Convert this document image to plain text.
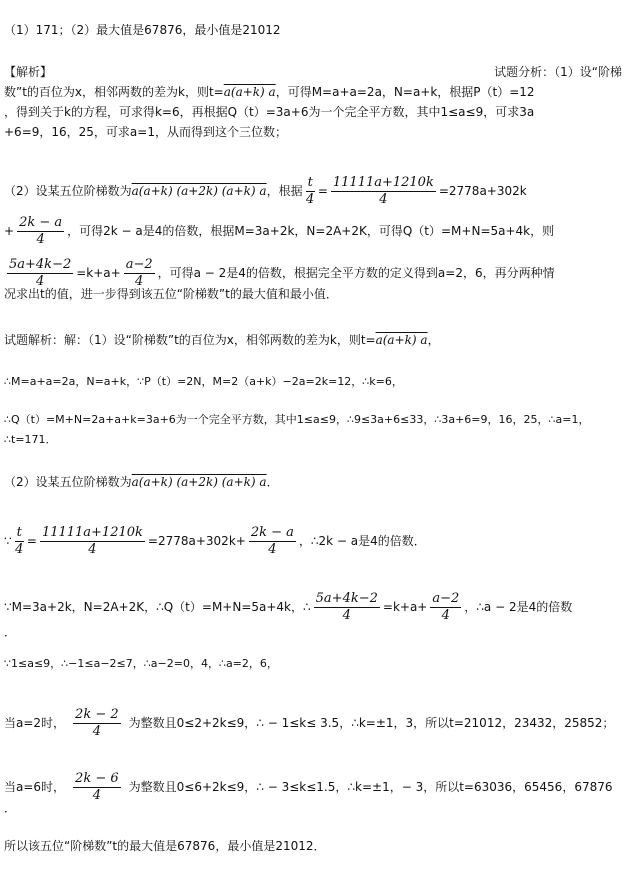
（1）171；（2）最大值是67876，最小值是21012
【解析】	试题分析：（1）设“阶梯
数”t的百位为x，相邻两数的差为k，则t=a(a+k) a，可得M=a+a=2a，N=a+k，根据P（t）=12
，得到关于k的方程，可求得k=6，再根据Q（t）=3a+6为一个完全平方数，其中1≤a≤9，可求3a
+6=9，16，25，可求a=1，从而得到这个三位数；
（2）设某五位阶梯数为a(a+k) (a+2k) (a+k) a，根据 $\frac{t}{4} = \frac{11111a+1210k}{4} =2778a+302k$
+ $\frac{2k - a}{4}$ ，可得2k − a是4的倍数，根据M=3a+2k，N=2A+2K，可得Q（t）=M+N=5a+4k，则
$\frac{5a+4k-2}{4} =k+a+ \frac{a-2}{4}$ ，可得a − 2是4的倍数，根据完全平方数的定义得到a=2，6，再分两种情
况求出t的值，进一步得到该五位“阶梯数”t的最大值和最小值．
试题解析：解：（1）设“阶梯数”t的百位为x，相邻两数的差为k，则t=a(a+k) a，
∴M=a+a=2a，N=a+k，∵P（t）=2N，M=2（a+k）−2a=2k=12，∴k=6，
∴Q（t）=M+N=2a+a+k=3a+6为一个完全平方数，其中1≤a≤9，∴9≤3a+6≤33，∴3a+6=9，16，25，∴a=1，
∴t=171．
（2）设某五位阶梯数为a(a+k) (a+2k) (a+k) a．
∵ $\frac{t}{4} = \frac{11111a+1210k}{4} =2778a+302k+ \frac{2k - a}{4}$ ，∴2k − a是4的倍数．
∵M=3a+2k，N=2A+2K，∴Q（t）=M+N=5a+4k，∴ $\frac{5a+4k-2}{4} =k+a+ \frac{a-2}{4}$ ，∴a − 2是4的倍数
．
∵1≤a≤9，∴−1≤a−2≤7，∴a−2=0，4，∴a=2，6，
当a=2时， $\frac{2k - 2}{4}$ 为整数且0≤2+2k≤9，∴ − 1≤k≤ 3.5，∴k=±1，3，所以t=21012，23432，25852；
当a=6时， $\frac{2k - 6}{4}$ 为整数且0≤6+2k≤9，∴ − 3≤k≤1.5，∴k=±1，− 3，所以t=63036，65456，67876
．
所以该五位“阶梯数”t的最大值是67876，最小值是21012．
